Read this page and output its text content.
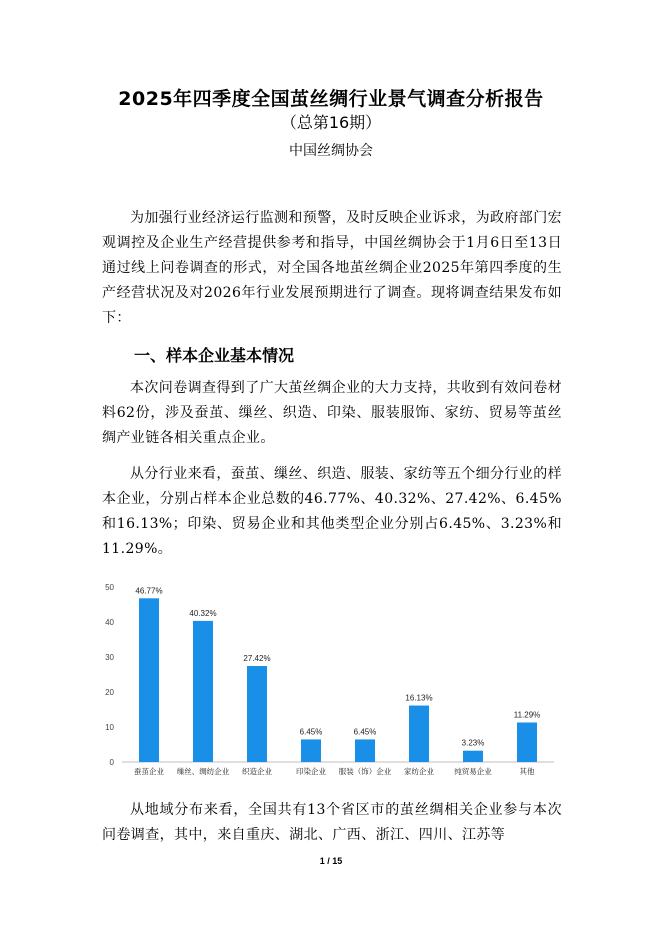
2025年四季度全国茧丝绸行业景气调查分析报告
（总第16期）
中国丝绸协会

为加强行业经济运行监测和预警，及时反映企业诉求，为政府部门宏观调控及企业生产经营提供参考和指导，中国丝绸协会于1月6日至13日通过线上问卷调查的形式，对全国各地茧丝绸企业2025年第四季度的生产经营状况及对2026年行业发展预期进行了调查。现将调查结果发布如下：

一、样本企业基本情况

本次问卷调查得到了广大茧丝绸企业的大力支持，共收到有效问卷材料62份，涉及蚕茧、缫丝、织造、印染、服装服饰、家纺、贸易等茧丝绸产业链各相关重点企业。

从分行业来看，蚕茧、缫丝、织造、服装、家纺等五个细分行业的样本企业，分别占样本企业总数的46.77%、40.32%、27.42%、6.45%和16.13%；印染、贸易企业和其他类型企业分别占6.45%、3.23%和11.29%。

0
10
20
30
40
50	46.77%
蚕茧企业
40.32%
缫丝、绸纺企业
27.42%
织造企业
6.45%
印染企业
6.45%
服装（饰）企业
16.13%
家纺企业
3.23%
纯贸易企业
11.29%
其他

从地域分布来看，全国共有13个省区市的茧丝绸相关企业参与本次问卷调查，其中，来自重庆、湖北、广西、浙江、四川、江苏等

1 / 15
